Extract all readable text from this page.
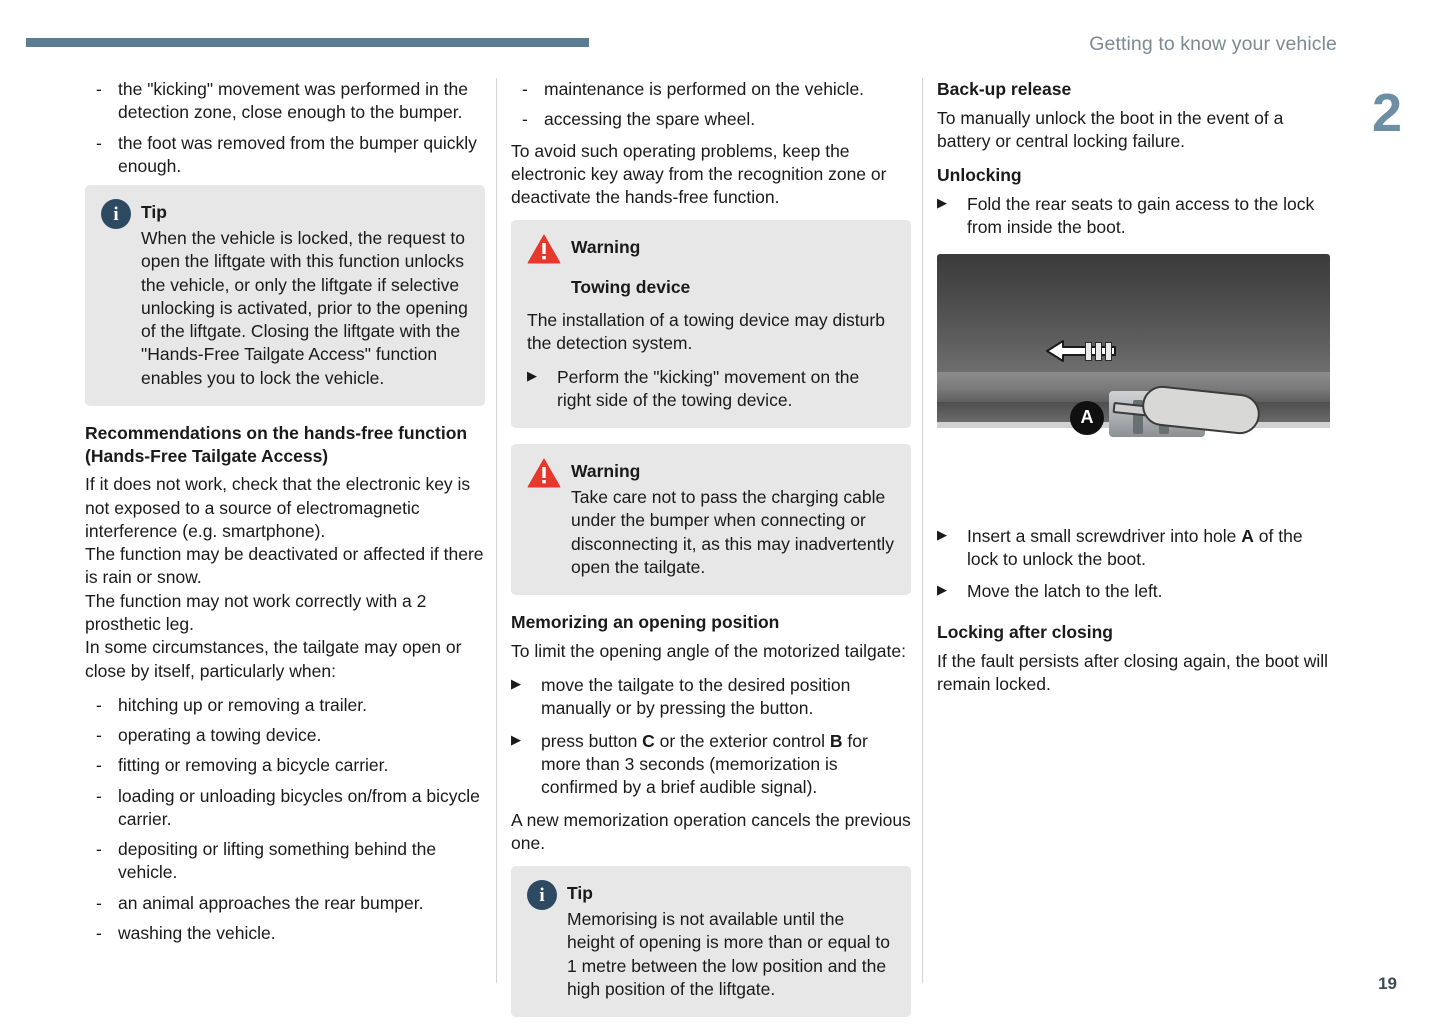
Getting to know your vehicle
2
19
- the "kicking" movement was performed in the detection zone, close enough to the bumper.
- the foot was removed from the bumper quickly enough.
i	Tip
When the vehicle is locked, the request to open the liftgate with this function unlocks the vehicle, or only the liftgate if selective unlocking is activated, prior to the opening of the liftgate. Closing the liftgate with the "Hands-Free Tailgate Access" function enables you to lock the vehicle.
Recommendations on the hands-free function (Hands-Free Tailgate Access)

If it does not work, check that the electronic key is not exposed to a source of electromagnetic interference (e.g. smartphone).

The function may be deactivated or affected if there is rain or snow.

The function may not work correctly with a 2 prosthetic leg.

In some circumstances, the tailgate may open or close by itself, particularly when:

- hitching up or removing a trailer.
- operating a towing device.
- fitting or removing a bicycle carrier.
- loading or unloading bicycles on/from a bicycle carrier.
- depositing or lifting something behind the vehicle.
- an animal approaches the rear bumper.
- washing the vehicle.
- maintenance is performed on the vehicle.
- accessing the spare wheel.

To avoid such operating problems, keep the electronic key away from the recognition zone or deactivate the hands-free function.

Warning
Towing device
The installation of a towing device may disturb the detection system.
▶ Perform the "kicking" movement on the right side of the towing device.
Warning
Take care not to pass the charging cable under the bumper when connecting or disconnecting it, as this may inadvertently open the tailgate.
Memorizing an opening position

To limit the opening angle of the motorized tailgate:

▶ move the tailgate to the desired position manually or by pressing the button.
▶ press button C or the exterior control B for more than 3 seconds (memorization is confirmed by a brief audible signal).

A new memorization operation cancels the previous one.

i	Tip
Memorising is not available until the height of opening is more than or equal to 1 metre between the low position and the high position of the liftgate.
Back-up release

To manually unlock the boot in the event of a battery or central locking failure.

Unlocking
▶ Fold the rear seats to gain access to the lock from inside the boot.
A
▶ Insert a small screwdriver into hole A of the lock to unlock the boot.
▶ Move the latch to the left.
Locking after closing

If the fault persists after closing again, the boot will remain locked.
